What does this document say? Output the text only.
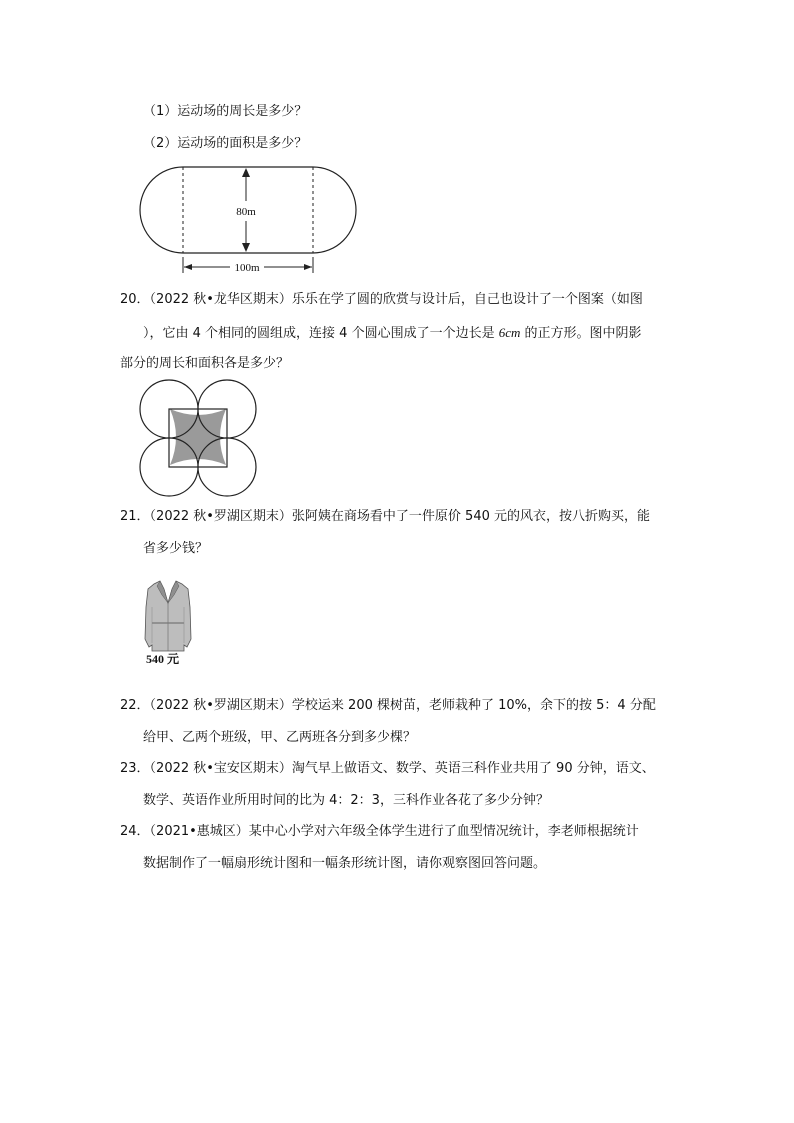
（1）运动场的周长是多少？
（2）运动场的面积是多少？
80m
100m
20．（2022 秋•龙华区期末）乐乐在学了圆的欣赏与设计后，自己也设计了一个图案（如图
），它由 4 个相同的圆组成，连接 4 个圆心围成了一个边长是 6cm 的正方形。图中阴影
部分的周长和面积各是多少？
21．（2022 秋•罗湖区期末）张阿姨在商场看中了一件原价 540 元的风衣，按八折购买，能
省多少钱？
540 元
22．（2022 秋•罗湖区期末）学校运来 200 棵树苗，老师栽种了 10%，余下的按 5：4 分配
给甲、乙两个班级，甲、乙两班各分到多少棵？
23．（2022 秋•宝安区期末）淘气早上做语文、数学、英语三科作业共用了 90 分钟，语文、
数学、英语作业所用时间的比为 4：2：3，三科作业各花了多少分钟？
24．（2021•惠城区）某中心小学对六年级全体学生进行了血型情况统计，李老师根据统计
数据制作了一幅扇形统计图和一幅条形统计图，请你观察图回答问题。
